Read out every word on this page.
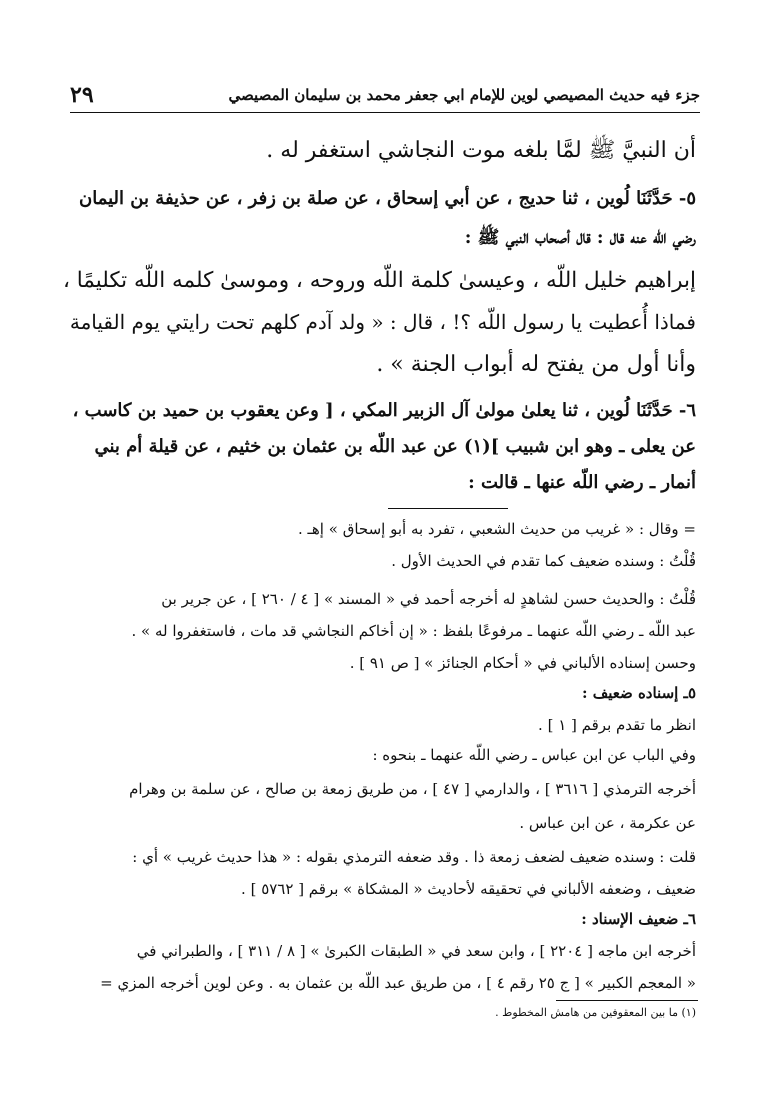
جزء فيه حديث المصيصي لوين للإمام ابي جعفر محمد بن سليمان المصيصي
٢٩
أن النبيَّ ﷺ لمَّا بلغه موت النجاشي استغفر له .
٥- حَدَّثَنَا لُوين ، ثنا حديج ، عن أبي إسحاق ، عن صلة بن زفر ، عن حذيفة بن اليمان
رضي اللّه عنه قال : قال أصحاب النبي ﷺ :
إبراهيم خليل اللّه ، وعيسىٰ كلمة اللّه وروحه ، وموسىٰ كلمه اللّه تكليمًا ،
فماذا أُعطيت يا رسول اللّه ؟! ، قال : « ولد آدم كلهم تحت رايتي يوم القيامة
وأنا أول من يفتح له أبواب الجنة » .
٦- حَدَّثَنَا لُوين ، ثنا يعلىٰ مولىٰ آل الزبير المكي ، [ وعن يعقوب بن حميد بن كاسب ،
عن يعلى ـ وهو ابن شبيب ](١) عن عبد اللّه بن عثمان بن خثيم ، عن قيلة أم بني
أنمار ـ رضي اللّه عنها ـ قالت :
= وقال : « غريب من حديث الشعبي ، تفرد به أبو إسحاق » إهـ .
قُلْتُ : وسنده ضعيف كما تقدم في الحديث الأول .
قُلْتُ : والحديث حسن لشاهدٍ له أخرجه أحمد في « المسند » [ ٤ / ٢٦٠ ] ، عن جرير بن
عبد اللّه ـ رضي اللّه عنهما ـ مرفوعًا بلفظ : « إن أخاكم النجاشي قد مات ، فاستغفروا له » .
وحسن إسناده الألباني في « أحكام الجنائز » [ ص ٩١ ] .
٥ـ إسناده ضعيف :
انظر ما تقدم برقم [ ١ ] .
وفي الباب عن ابن عباس ـ رضي اللّه عنهما ـ بنحوه :
أخرجه الترمذي [ ٣٦١٦ ] ، والدارمي [ ٤٧ ] ، من طريق زمعة بن صالح ، عن سلمة بن وهرام
عن عكرمة ، عن ابن عباس .
قلت : وسنده ضعيف لضعف زمعة ذا . وقد ضعفه الترمذي بقوله : « هذا حديث غريب » أي :
ضعيف ، وضعفه الألباني في تحقيقه لأحاديث « المشكاة » برقم [ ٥٧٦٢ ] .
٦ـ ضعيف الإسناد :
أخرجه ابن ماجه [ ٢٢٠٤ ] ، وابن سعد في « الطبقات الكبرىٰ » [ ٨ / ٣١١ ] ، والطبراني في
« المعجم الكبير » [ ج ٢٥ رقم ٤ ] ، من طريق عبد اللّه بن عثمان به . وعن لوين أخرجه المزي =
(١) ما بين المعقوفين من هامش المخطوط .
